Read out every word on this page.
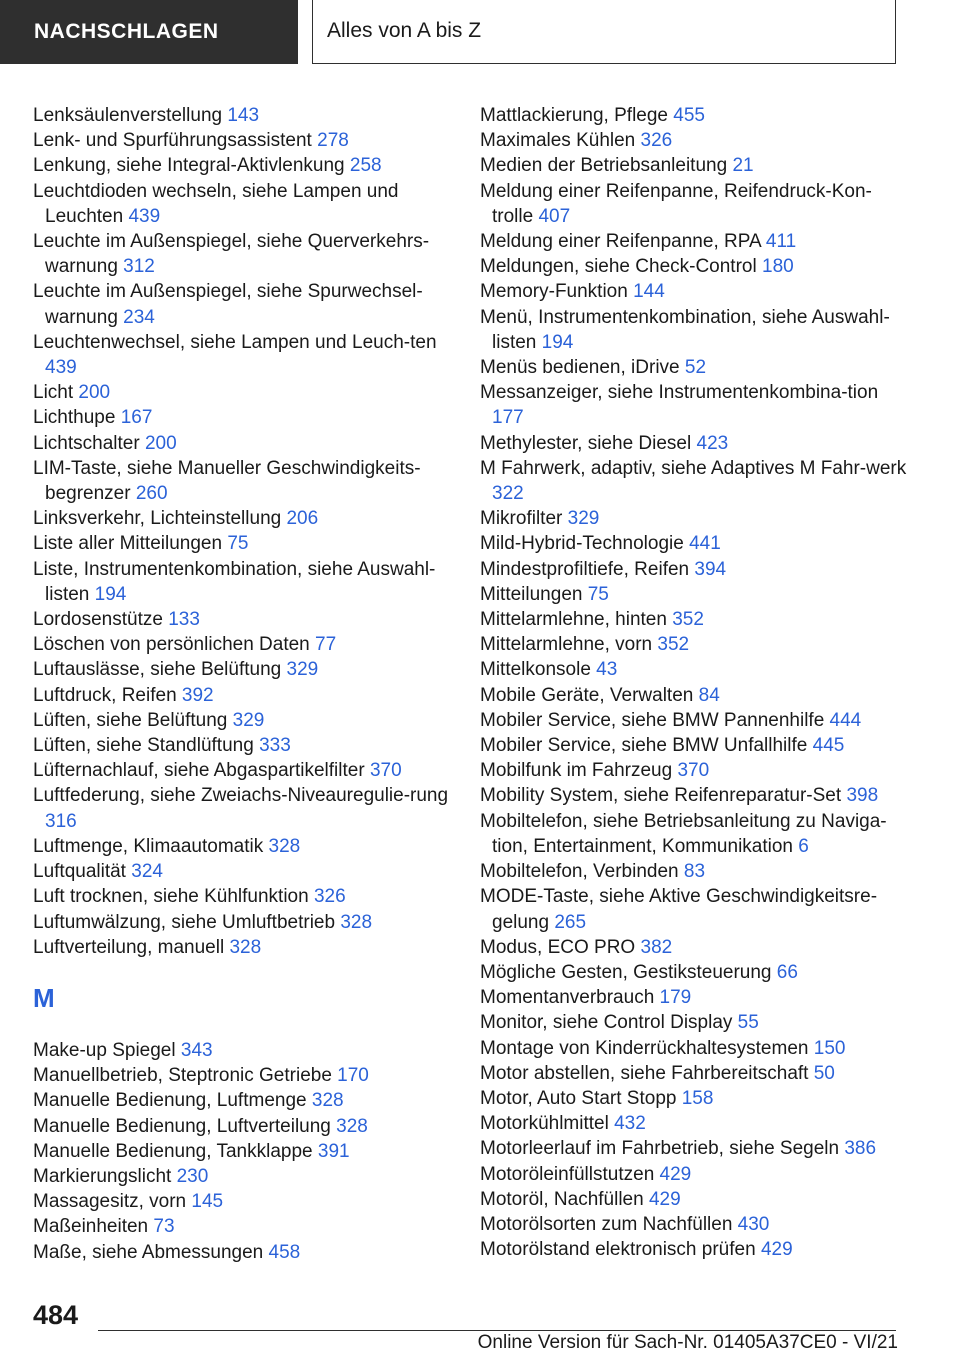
NACHSCHLAGEN	Alles von A bis Z
Lenksäulenverstellung 143
Lenk- und Spurführungsassistent 278
Lenkung, siehe Integral-Aktivlenkung 258
Leuchtdioden wechseln, siehe Lampen und Leuchten 439
Leuchte im Außenspiegel, siehe Querverkehrs-warnung 312
Leuchte im Außenspiegel, siehe Spurwechsel-warnung 234
Leuchtenwechsel, siehe Lampen und Leuch-ten 439
Licht 200
Lichthupe 167
Lichtschalter 200
LIM-Taste, siehe Manueller Geschwindigkeits-begrenzer 260
Linksverkehr, Lichteinstellung 206
Liste aller Mitteilungen 75
Liste, Instrumentenkombination, siehe Auswahl-listen 194
Lordosenstütze 133
Löschen von persönlichen Daten 77
Luftauslässe, siehe Belüftung 329
Luftdruck, Reifen 392
Lüften, siehe Belüftung 329
Lüften, siehe Standlüftung 333
Lüfternachlauf, siehe Abgaspartikelfilter 370
Luftfederung, siehe Zweiachs-Niveauregulie-rung 316
Luftmenge, Klimaautomatik 328
Luftqualität 324
Luft trocknen, siehe Kühlfunktion 326
Luftumwälzung, siehe Umluftbetrieb 328
Luftverteilung, manuell 328
M
Make-up Spiegel 343
Manuellbetrieb, Steptronic Getriebe 170
Manuelle Bedienung, Luftmenge 328
Manuelle Bedienung, Luftverteilung 328
Manuelle Bedienung, Tankklappe 391
Markierungslicht 230
Massagesitz, vorn 145
Maßeinheiten 73
Maße, siehe Abmessungen 458
Mattlackierung, Pflege 455
Maximales Kühlen 326
Medien der Betriebsanleitung 21
Meldung einer Reifenpanne, Reifendruck-Kon-trolle 407
Meldung einer Reifenpanne, RPA 411
Meldungen, siehe Check-Control 180
Memory-Funktion 144
Menü, Instrumentenkombination, siehe Auswahl-listen 194
Menüs bedienen, iDrive 52
Messanzeiger, siehe Instrumentenkombina-tion 177
Methylester, siehe Diesel 423
M Fahrwerk, adaptiv, siehe Adaptives M Fahr-werk 322
Mikrofilter 329
Mild-Hybrid-Technologie 441
Mindestprofiltiefe, Reifen 394
Mitteilungen 75
Mittelarmlehne, hinten 352
Mittelarmlehne, vorn 352
Mittelkonsole 43
Mobile Geräte, Verwalten 84
Mobiler Service, siehe BMW Pannenhilfe 444
Mobiler Service, siehe BMW Unfallhilfe 445
Mobilfunk im Fahrzeug 370
Mobility System, siehe Reifenreparatur-Set 398
Mobiltelefon, siehe Betriebsanleitung zu Naviga-tion, Entertainment, Kommunikation 6
Mobiltelefon, Verbinden 83
MODE-Taste, siehe Aktive Geschwindigkeitsre-gelung 265
Modus, ECO PRO 382
Mögliche Gesten, Gestiksteuerung 66
Momentanverbrauch 179
Monitor, siehe Control Display 55
Montage von Kinderrückhaltesystemen 150
Motor abstellen, siehe Fahrbereitschaft 50
Motor, Auto Start Stopp 158
Motorkühlmittel 432
Motorleerlauf im Fahrbetrieb, siehe Segeln 386
Motoröleinfüllstutzen 429
Motoröl, Nachfüllen 429
Motorölsorten zum Nachfüllen 430
Motorölstand elektronisch prüfen 429
484
Online Version für Sach-Nr. 01405A37CE0 - VI/21
